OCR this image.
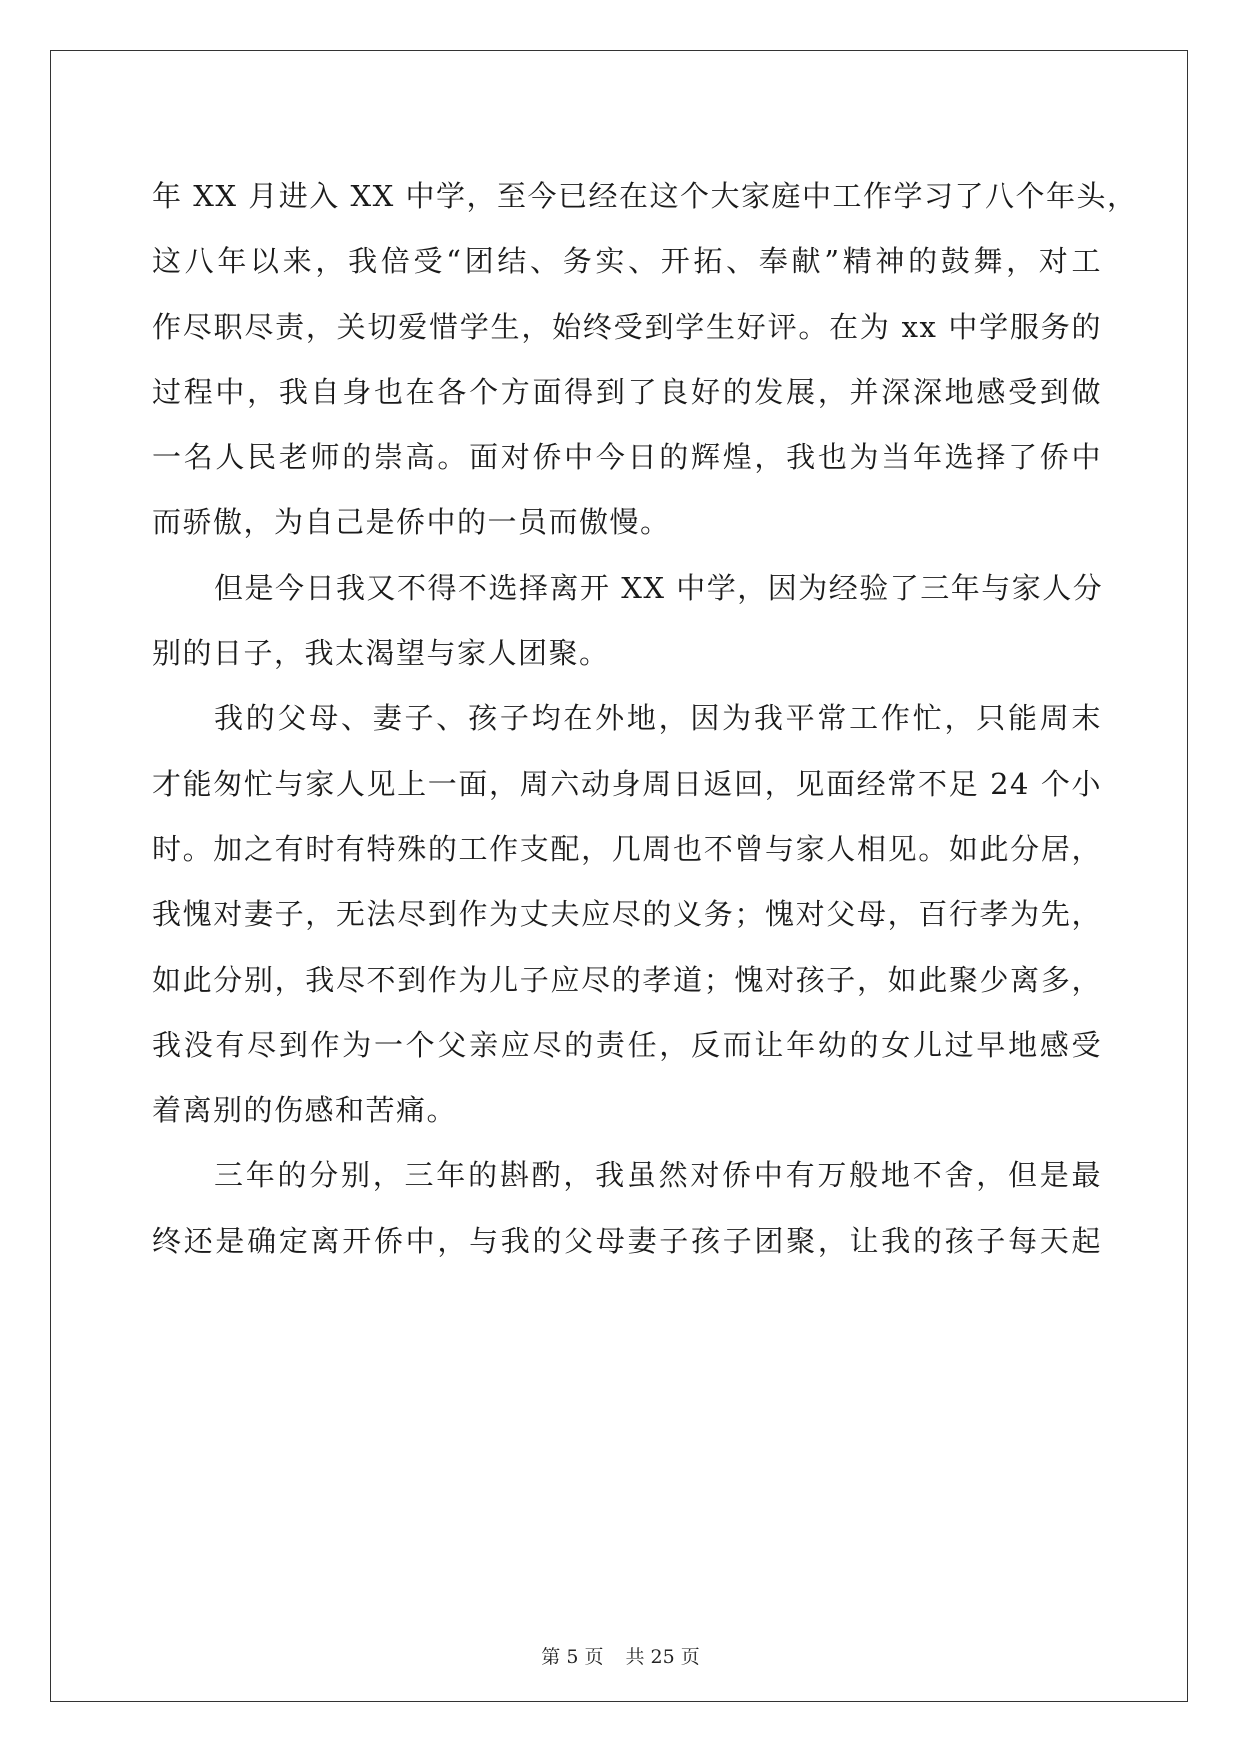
年 XX 月进入 XX 中学，至今已经在这个大家庭中工作学习了八个年头，
这八年以来，我倍受“团结、务实、开拓、奉献”精神的鼓舞，对工
作尽职尽责，关切爱惜学生，始终受到学生好评。在为 xx 中学服务的
过程中，我自身也在各个方面得到了良好的发展，并深深地感受到做
一名人民老师的崇高。面对侨中今日的辉煌，我也为当年选择了侨中
而骄傲，为自己是侨中的一员而傲慢。
但是今日我又不得不选择离开 XX 中学，因为经验了三年与家人分
别的日子，我太渴望与家人团聚。
我的父母、妻子、孩子均在外地，因为我平常工作忙，只能周末
才能匆忙与家人见上一面，周六动身周日返回，见面经常不足 24 个小
时。加之有时有特殊的工作支配，几周也不曾与家人相见。如此分居，
我愧对妻子，无法尽到作为丈夫应尽的义务；愧对父母，百行孝为先，
如此分别，我尽不到作为儿子应尽的孝道；愧对孩子，如此聚少离多，
我没有尽到作为一个父亲应尽的责任，反而让年幼的女儿过早地感受
着离别的伤感和苦痛。
三年的分别，三年的斟酌，我虽然对侨中有万般地不舍，但是最
终还是确定离开侨中，与我的父母妻子孩子团聚，让我的孩子每天起
第 5 页 共 25 页
